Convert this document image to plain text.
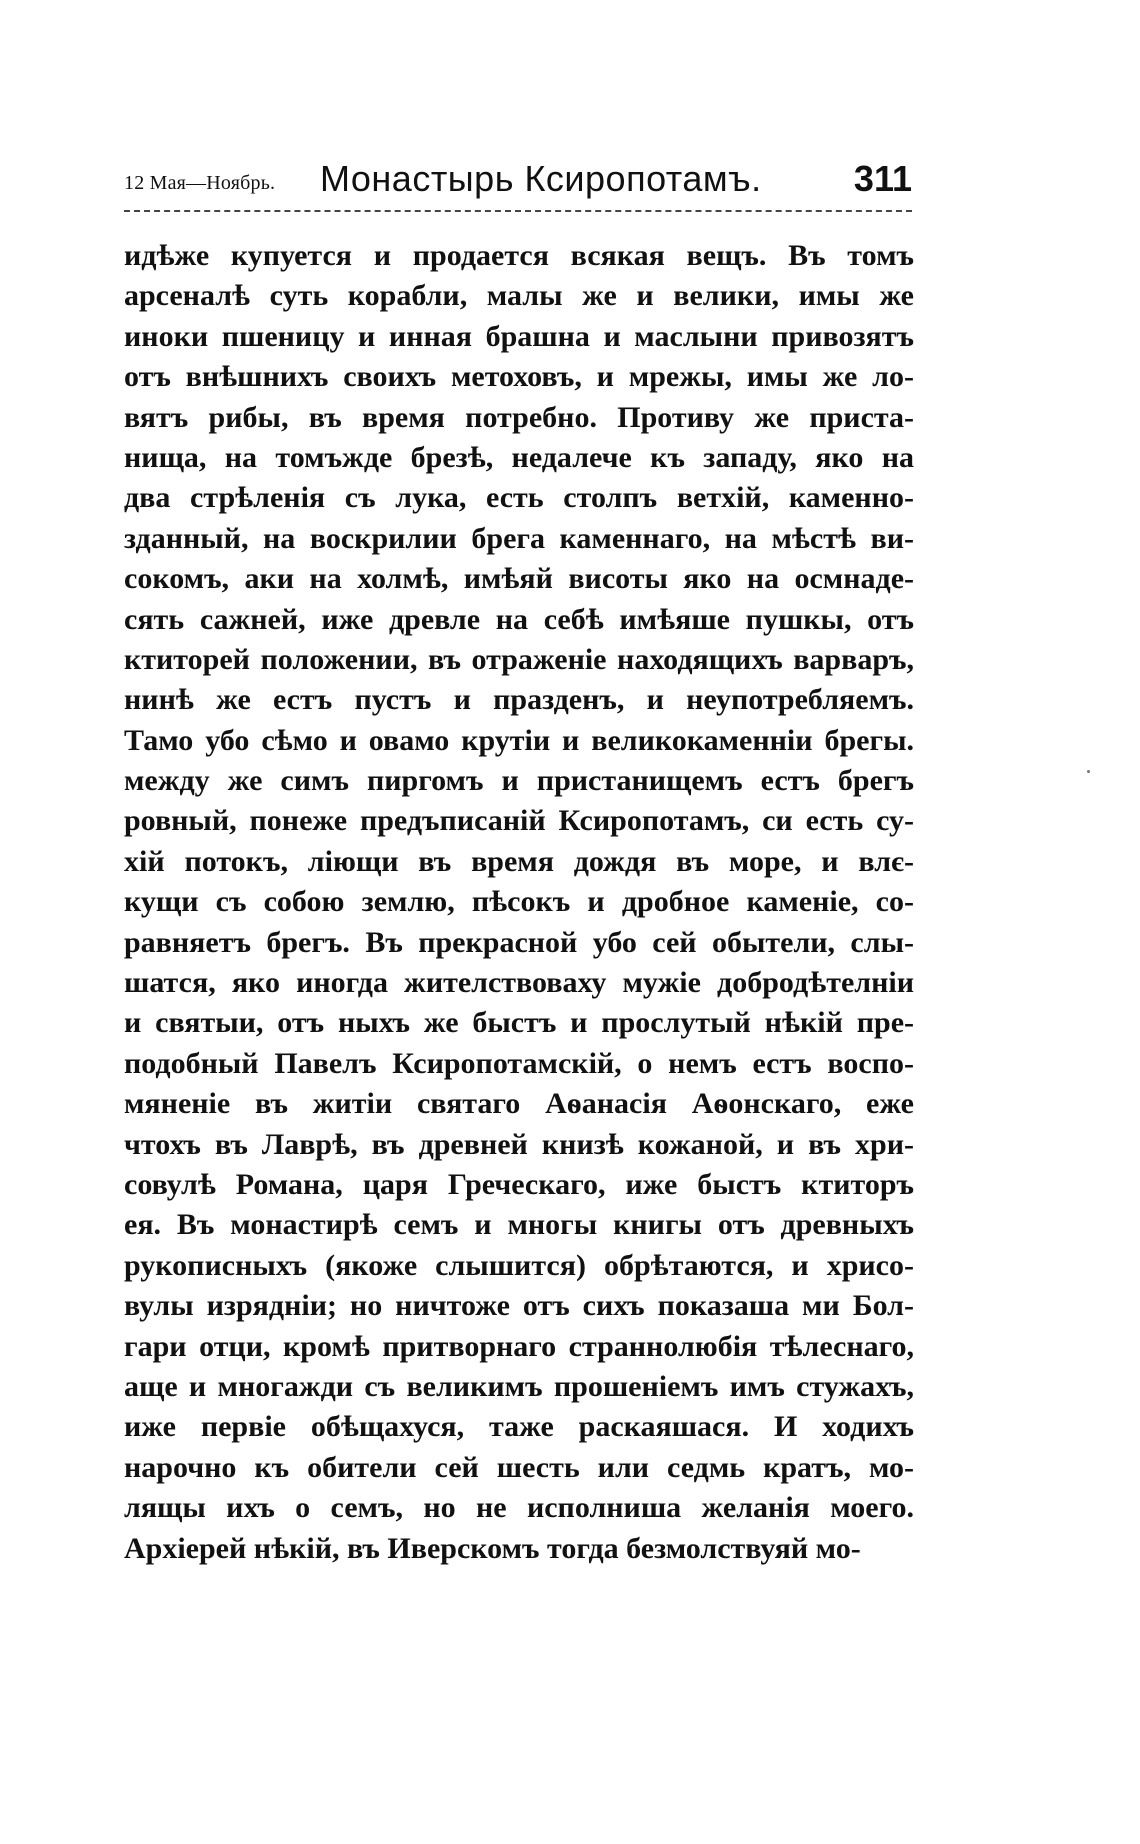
12 Мая—Ноябрь. Монастырь Ксиропотамъ.	311
идѣже купуется и продается всякая вещъ. Въ томъ
арсеналѣ суть корабли, малы же и велики, имы же
иноки пшеницу и инная брашна и маслыни привозятъ
отъ внѣшнихъ своихъ метоховъ, и мрежы, имы же ло-
вятъ рибы, въ время потребно. Противу же приста-
нища, на томъжде брезѣ, недалече къ западу, яко на
два стрѣленія съ лука, есть столпъ ветхій, каменно-
зданный, на воскрилии брега каменнаго, на мѣстѣ ви-
сокомъ, аки на холмѣ, имѣяй висоты яко на осмнаде-
сять сажней, иже древле на себѣ имѣяше пушкы, отъ
ктиторей положении, въ отраженіе находящихъ варваръ,
нинѣ же естъ пустъ и празденъ, и неупотребляемъ.
Тамо убо сѣмо и овамо крутіи и великокаменніи брегы.
между же симъ пиргомъ и пристанищемъ естъ брегъ
ровный, понеже предъписаній Ксиропотамъ, си есть су-
хій потокъ, ліющи въ время дождя въ море, и влє-
кущи съ собою землю, пѣсокъ и дробное каменіе, со-
равняетъ брегъ. Въ прекрасной убо сей обытели, слы-
шатся, яко иногда жителствоваху мужіе добродѣтелніи
и святыи, отъ ныхъ же быстъ и прослутый нѣкій пре-
подобный Павелъ Ксиропотамскій, о немъ естъ воспо-
мяненіе въ житіи святаго Аѳанасія Аѳонскаго, еже
чтохъ въ Лаврѣ, въ древней книзѣ кожаной, и въ хри-
совулѣ Романа, царя Греческаго, иже быстъ ктиторъ
ея. Въ монастирѣ семъ и многы книгы отъ древныхъ
рукописныхъ (якоже слышится) обрѣтаются, и хрисо-
вулы изрядніи; но ничтоже отъ сихъ показаша ми Бол-
гари отци, кромѣ притворнаго страннолюбія тѣлеснаго,
аще и многажди съ великимъ прошеніемъ имъ стужахъ,
иже первіе обѣщахуся, таже раскаяшася. И ходихъ
нарочно къ обители сей шесть или седмь кратъ, мо-
лящы ихъ о семъ, но не исполниша желанія моего.
Архіерей нѣкій, въ Иверскомъ тогда безмолствуяй мо-
